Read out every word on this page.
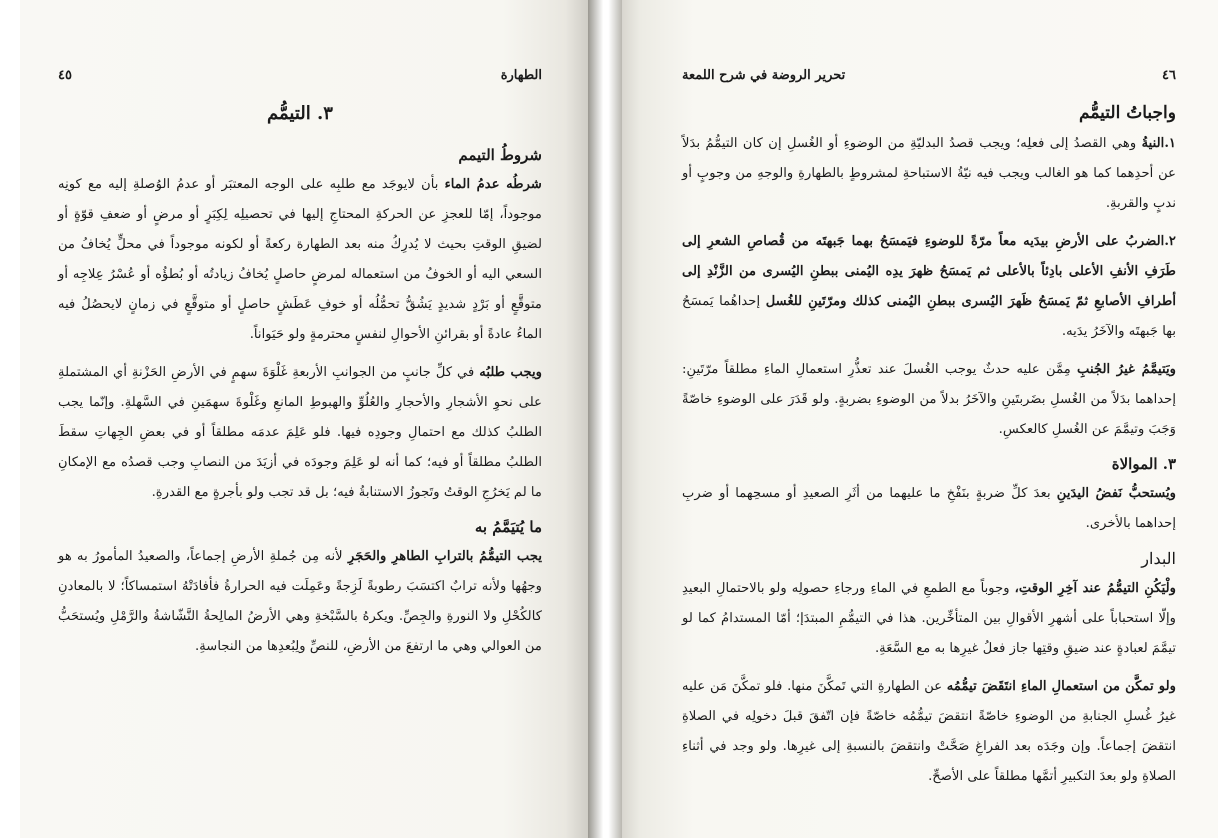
الطهارة
٤٥
٣. التيمُّم
شروطُ التيمم

شرطُه عدمُ الماء بأن لايوجَد مع طلبِه على الوجه المعتبَر أو عدمُ الوُصلةِ إليه مع كونِه موجوداً، إمّا للعجزِ عن الحركةِ المحتاجِ إليها في تحصيلِه لِكِبَرٍ أو مرضٍ أو ضعفِ قوّةٍ أو لضيقِ الوقتِ بحيث لا يُدرِكُ منه بعد الطهارة ركعةً أو لكونه موجوداً في محلٍّ يُخافُ من السعي اليه أو الخوفُ من استعماله لمرضٍ حاصلٍ يُخافُ زيادتُه أو بُطؤُه أو عُسْرُ عِلاجِه أو متوقَّعٍ أو بَرْدٍ شديدٍ يَشُقُّ تحمُّلُه أو خوفِ عَطَشٍ حاصلٍ أو متوقَّعٍ في زمانٍ لايحصُلُ فيه الماءُ عادةً أو بقرائنِ الأحوالِ لنفسٍ محترمةٍ ولو حَيَواناً.

ويجب طلبُه في كلِّ جانبٍ من الجوانبِ الأربعةِ غَلْوَةَ سهمٍ في الأرضِ الحَزْنةِ أي المشتملةِ على نحوِ الأشجارِ والأحجارِ والعُلُوِّ والهبوطِ المانعِ وغَلْوةَ سهمَينِ في السَّهلةِ. وإنّما يجب الطلبُ كذلك مع احتمالِ وجودِه فيها. فلو عَلِمَ عدمَه مطلقاً أو في بعضِ الجِهاتِ سقطَ الطلبُ مطلقاً أو فيه؛ كما أنه لو عَلِمَ وجودَه في أزيَدَ من النصابِ وجب قصدُه مع الإمكانِ ما لم يَخرُجِ الوقتُ وتَجوزُ الاستنابةُ فيه؛ بل قد تجب ولو بأجرةٍ مع القدرةِ.

ما يُتيَمَّمُ به

يجب التيمُّمُ بالترابِ الطاهرِ والحَجَرِ لأنه مِن جُملةِ الأرضِ إجماعاً، والصعيدُ المأمورُ به هو وجهُها ولأنه ترابٌ اكتسَبَ رطوبةً لَزِجةً وعَمِلَت فيه الحرارةُ فأفادَتْهُ استمساكاً؛ لا بالمعادنِ كالكُحْلِ ولا النورةِ والجِصِّ. ويكرهُ بالسَّبْخةِ وهي الأرضُ المالِحةُ النَّشّاشةُ والرَّمْلِ ويُستحَبُّ من العوالي وهي ما ارتفعَ من الأرضِ، للنصِّ ولِبُعدِها من النجاسةِ.

٤٦
تحرير الروضة في شرح اللمعة
واجباتُ التيمُّم

١.النيةُ وهي القصدُ إلى فعلِه؛ ويجب قصدُ البدليّةِ من الوضوءِ أو الغُسلِ إن كان التيمُّمُ بدَلاً عن أحدِهما كما هو الغالب ويجب فيه نيّةُ الاستباحةِ لمشروطٍ بالطهارةِ والوجهِ من وجوبٍ أو ندبٍ والقربةِ.

٢.الضربُ على الأرضِ بيدَيه معاً مرّةً للوضوءِ فيَمسَحُ بهما جَبهتَه من قُصاصِ الشعرِ إلى طَرَفِ الأنفِ الأعلى بادِئاً بالأعلى ثم يَمسَحُ ظهرَ يدِه اليُمنى ببطنِ اليُسرى من الزَّنْدِ إلى أطرافِ الأصابعِ ثمّ يَمسَحُ ظَهرَ اليُسرى ببطنِ اليُمنى كذلك ومرّتَينِ للغُسل إحداهُما يَمسَحُ بها جَبهتَه والآخَرُ يدَيه.

ويَتيمَّمُ غيرُ الجُنبِ مِمَّن عليه حدثٌ يوجب الغُسلَ عند تعذُّرِ استعمالِ الماءِ مطلقاً مرّتَينِ: إحداهما بدَلاً من الغُسلِ بضَربتَينِ والآخَرُ بدلاً من الوضوءِ بضربةٍ. ولو قَدَرَ على الوضوءِ خاصّةً وَجَبَ وتيمَّمَ عن الغُسلِ كالعكسِ.

٣. الموالاة

ويُستحبُّ نَفضُ اليدَينِ بعدَ كلِّ ضربةٍ بنَفْخِ ما عليهما من أثَرِ الصعيدِ أو مسحِهما أو ضربِ إحداهما بالأخرى.

البدار

ولْيَكُنِ التيمُّمُ عند آخِرِ الوقتِ، وجوباً مع الطمعِ في الماءِ ورجاءِ حصولِه ولو بالاحتمالِ البعيدِ وإلّا استحباباً على أشهرِ الأقوالِ بين المتأخِّرين. هذا في التيمُّمِ المبتدَإ؛ أمّا المستدامُ كما لو تيمَّمَ لعبادةٍ عند ضيقِ وقتِها جاز فعلُ غيرِها به مع السَّعَةِ.

ولو تمكَّن من استعمالِ الماءِ انتَقَضَ تيمُّمُه عن الطهارةِ التي تَمكَّنَ منها. فلو تمكَّنَ مَن عليه غيرُ غُسلِ الجنابةِ من الوضوءِ خاصّةً انتقضَ تيمُّمُه خاصّةً فإن اتّفقَ قبلَ دخولِه في الصلاةِ انتقضَ إجماعاً. وإن وجَدَه بعد الفراغِ صَحَّتْ وانتقضَ بالنسبةِ إلى غيرِها. ولو وجد في أثناءِ الصلاةِ ولو بعدَ التكبيرِ أتمَّها مطلقاً على الأصحِّ.
